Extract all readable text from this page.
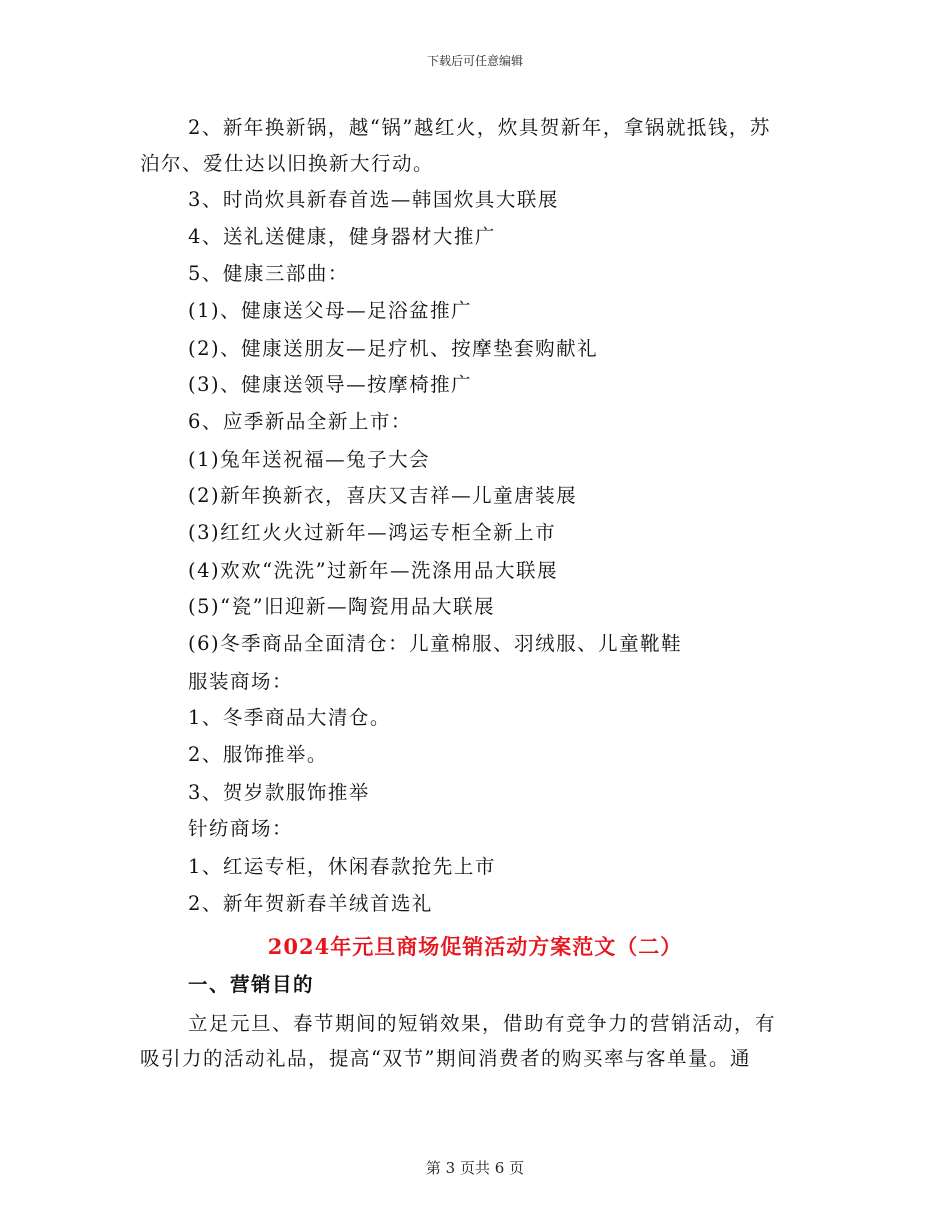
下载后可任意编辑
2、新年换新锅，越“锅”越红火，炊具贺新年，拿锅就抵钱，苏
泊尔、爱仕达以旧换新大行动。
3、时尚炊具新春首选—韩国炊具大联展
4、送礼送健康，健身器材大推广
5、健康三部曲：
(1)、健康送父母—足浴盆推广
(2)、健康送朋友—足疗机、按摩垫套购献礼
(3)、健康送领导—按摩椅推广
6、应季新品全新上市：
(1)兔年送祝福—兔子大会
(2)新年换新衣，喜庆又吉祥—儿童唐装展
(3)红红火火过新年—鸿运专柜全新上市
(4)欢欢“洗洗”过新年—洗涤用品大联展
(5)“瓷”旧迎新—陶瓷用品大联展
(6)冬季商品全面清仓：儿童棉服、羽绒服、儿童靴鞋
服装商场：
1、冬季商品大清仓。
2、服饰推举。
3、贺岁款服饰推举
针纺商场：
1、红运专柜，休闲春款抢先上市
2、新年贺新春羊绒首选礼
2024年元旦商场促销活动方案范文（二）
一、营销目的
立足元旦、春节期间的短销效果，借助有竞争力的营销活动，有
吸引力的活动礼品，提高“双节”期间消费者的购买率与客单量。通
第 3 页共 6 页
